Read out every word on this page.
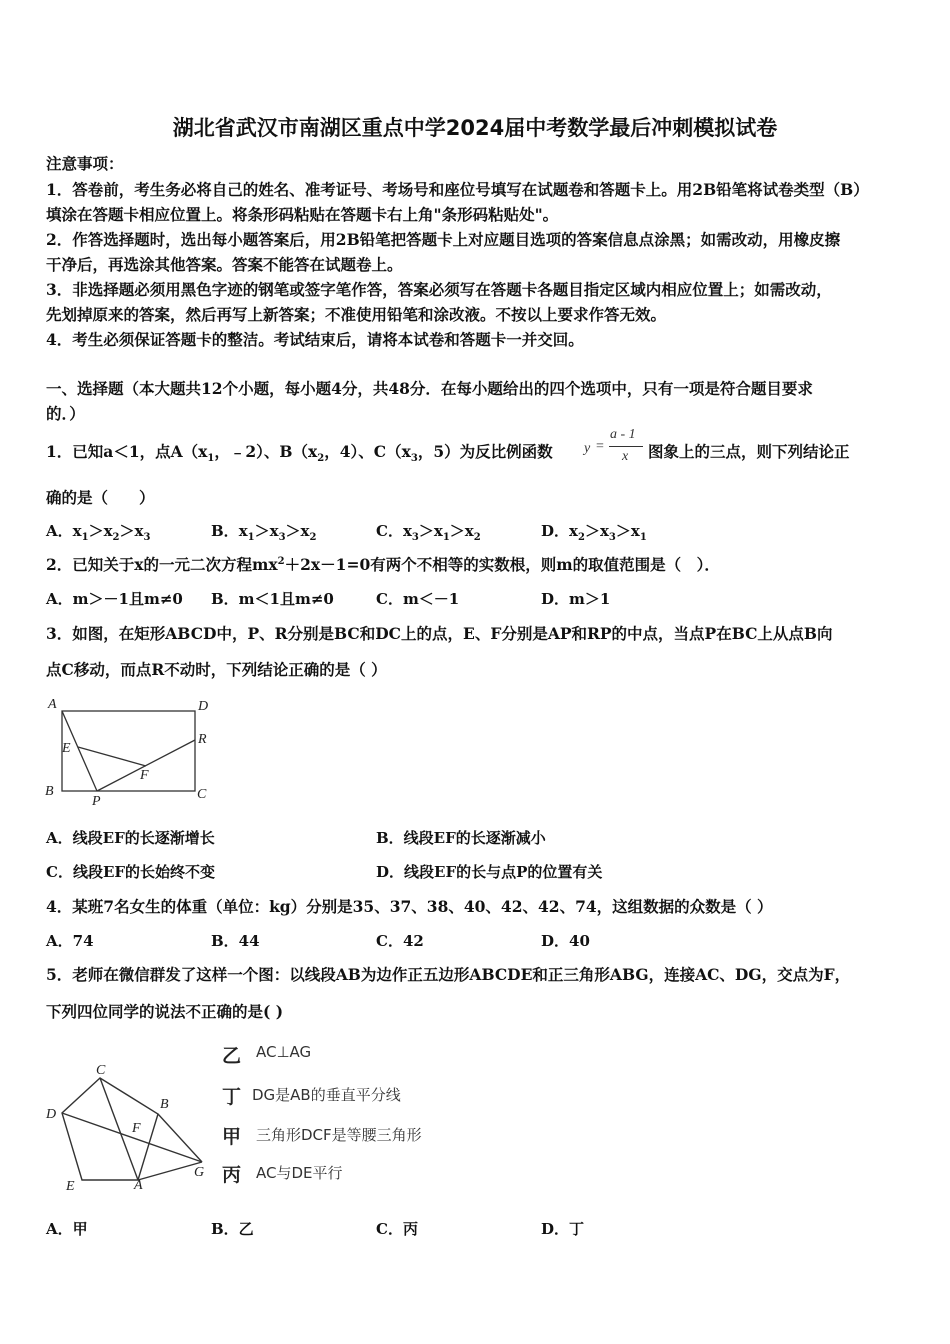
湖北省武汉市南湖区重点中学2024届中考数学最后冲刺模拟试卷
注意事项：
1．答卷前，考生务必将自己的姓名、准考证号、考场号和座位号填写在试题卷和答题卡上。用2B铅笔将试卷类型（B）
填涂在答题卡相应位置上。将条形码粘贴在答题卡右上角"条形码粘贴处"。
2．作答选择题时，选出每小题答案后，用2B铅笔把答题卡上对应题目选项的答案信息点涂黑；如需改动，用橡皮擦
干净后，再选涂其他答案。答案不能答在试题卷上。
3．非选择题必须用黑色字迹的钢笔或签字笔作答，答案必须写在答题卡各题目指定区域内相应位置上；如需改动，
先划掉原来的答案，然后再写上新答案；不准使用铅笔和涂改液。不按以上要求作答无效。
4．考生必须保证答题卡的整洁。考试结束后，请将本试卷和答题卡一并交回。
一、选择题（本大题共12个小题，每小题4分，共48分．在每小题给出的四个选项中，只有一项是符合题目要求
的．）
1．已知a＜1，点$A(x_1$，﹣2）、$B(x_2$，4）、$C(x_3$，5）为反比例函数 y =
a - 1
x 图象上的三点，则下列结论正
确的是（　　）
A．$x_1>x_2>x_3$	B．$x_1>x_3>x_2$	C．$x_3>x_1>x_2$	D．$x_2>x_3>x_1$
2．已知关于x的一元二次方程$mx^2+2x-1=0$有两个不相等的实数根，则m的取值范围是（　）．
A．m＞－1且m≠0 B．m＜1且m≠0	C．m＜－1	D．m＞1
3．如图，在矩形ABCD中，P、R分别是BC和DC上的点，E、F分别是AP和RP的中点，当点P在BC上从点B向
点C移动，而点R不动时，下列结论正确的是（ ）
A	D
E
R
F
B
P	C
A．线段EF的长逐渐增长	B．线段EF的长逐渐减小
C．线段EF的长始终不变	D．线段EF的长与点P的位置有关
4．某班7名女生的体重（单位：kg）分别是35、37、38、40、42、42、74，这组数据的众数是（ ）
A．74	B．44	C．42	D．40
5．老师在微信群发了这样一个图：以线段AB为边作正五边形ABCDE和正三角形ABG，连接AC、DG，交点为F，
下列四位同学的说法不正确的是( )
C
B
D
F
G
E	A
乙 AC⊥AG
丁 DG是AB的垂直平分线
甲 三角形DCF是等腰三角形
丙 AC与DE平行
A．甲	B．乙	C．丙	D．丁
